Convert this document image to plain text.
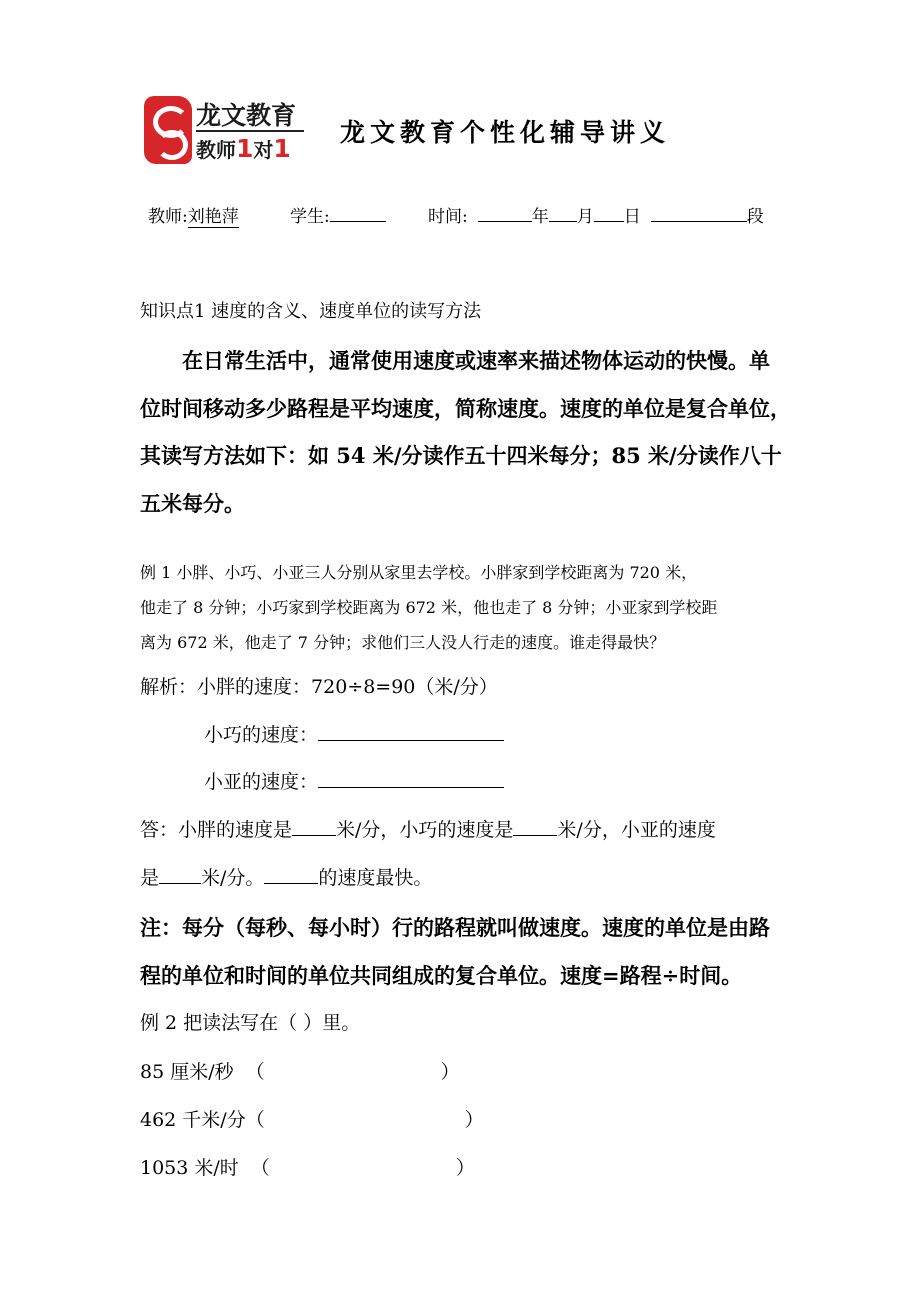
龙文教育
教师1对1
龙文教育个性化辅导讲义
教师:刘艳萍	学生:	时间:	年 月 日	段
知识点1 速度的含义、速度单位的读写方法
在日常生活中，通常使用速度或速率来描述物体运动的快慢。单
位时间移动多少路程是平均速度，简称速度。速度的单位是复合单位，
其读写方法如下：如 54 米/分读作五十四米每分；85 米/分读作八十
五米每分。
例 1 小胖、小巧、小亚三人分别从家里去学校。小胖家到学校距离为 720 米，
他走了 8 分钟；小巧家到学校距离为 672 米，他也走了 8 分钟；小亚家到学校距
离为 672 米，他走了 7 分钟；求他们三人没人行走的速度。谁走得最快？
解析：小胖的速度：720÷8=90（米/分）
小巧的速度：
小亚的速度：
答：小胖的速度是 米/分，小巧的速度是 米/分，小亚的速度
是 米/分。	的速度最快。
注：每分（每秒、每小时）行的路程就叫做速度。速度的单位是由路
程的单位和时间的单位共同组成的复合单位。速度=路程÷时间。
例 2 把读法写在（ ）里。
85 厘米/秒 （	）
462 千米/分（	）
1053 米/时 （	）
